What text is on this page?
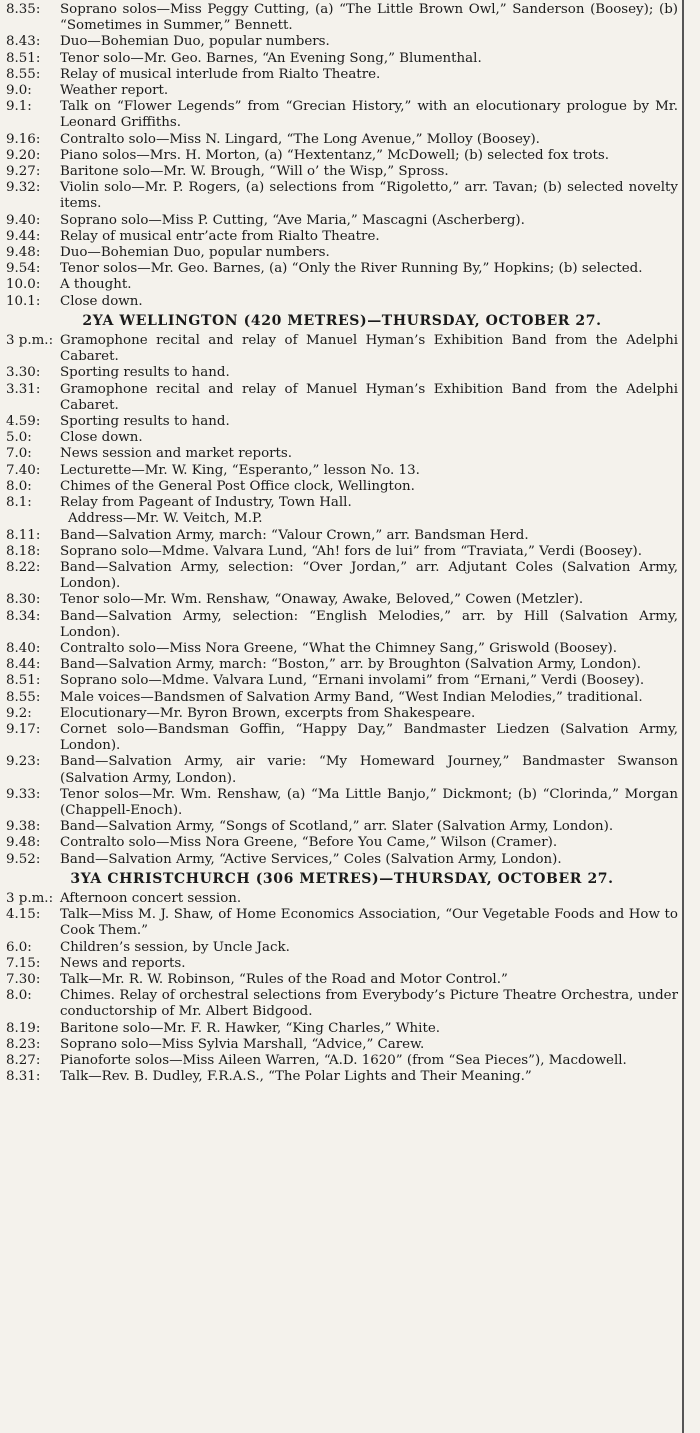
8.35 :	Soprano solos—Miss Peggy Cutting, (a) “The Little Brown Owl,” Sanderson (Boosey); (b) “Sometimes in Summer,” Bennett.
8.43 :	Duo—Bohemian Duo, popular numbers.
8.51 :	Tenor solo—Mr. Geo. Barnes, “An Evening Song,” Blumenthal.
8.55 :	Relay of musical interlude from Rialto Theatre.
9.0 :	Weather report.
9.1 :	Talk on “Flower Legends” from “Grecian History,” with an elocutionary prologue by Mr. Leonard Griffiths.
9.16 :	Contralto solo—Miss N. Lingard, “The Long Avenue,” Molloy (Boosey).
9.20 :	Piano solos—Mrs. H. Morton, (a) “Hextentanz,” McDowell; (b) selected fox trots.
9.27 :	Baritone solo—Mr. W. Brough, “Will o’ the Wisp,” Spross.
9.32 :	Violin solo—Mr. P. Rogers, (a) selections from “Rigoletto,” arr. Tavan; (b) selected novelty items.
9.40 :	Soprano solo—Miss P. Cutting, “Ave Maria,” Mascagni (Ascherberg).
9.44 :	Relay of musical entr’acte from Rialto Theatre.
9.48 :	Duo—Bohemian Duo, popular numbers.
9.54 :	Tenor solos—Mr. Geo. Barnes, (a) “Only the River Running By,” Hopkins; (b) selected.
10.0 :	A thought.
10.1 :	Close down.
2YA WELLINGTON (420 METRES)—THURSDAY, OCTOBER 27.
3 p.m. : Gramophone recital and relay of Manuel Hyman’s Exhibition Band from the Adelphi Cabaret.
3.30 :	Sporting results to hand.
3.31 :	Gramophone recital and relay of Manuel Hyman’s Exhibition Band from the Adelphi Cabaret.
4.59 :	Sporting results to hand.
5.0 :	Close down.
7.0 :	News session and market reports.
7.40 :	Lecturette—Mr. W. King, “Esperanto,” lesson No. 13.
8.0 :	Chimes of the General Post Office clock, Wellington.
8.1 :	Relay from Pageant of Industry, Town Hall.
Address—Mr. W. Veitch, M.P.
8.11 :	Band—Salvation Army, march: “Valour Crown,” arr. Bandsman Herd.
8.18 :	Soprano solo—Mdme. Valvara Lund, “Ah! fors de lui” from “Traviata,” Verdi (Boosey).
8.22 :	Band—Salvation Army, selection: “Over Jordan,” arr. Adjutant Coles (Salvation Army, London).
8.30 :	Tenor solo—Mr. Wm. Renshaw, “Onaway, Awake, Beloved,” Cowen (Metzler).
8.34 :	Band—Salvation Army, selection: “English Melodies,” arr. by Hill (Salvation Army, London).
8.40 :	Contralto solo—Miss Nora Greene, “What the Chimney Sang,” Griswold (Boosey).
8.44 :	Band—Salvation Army, march: “Boston,” arr. by Broughton (Salvation Army, London).
8.51 :	Soprano solo—Mdme. Valvara Lund, “Ernani involami” from “Ernani,” Verdi (Boosey).
8.55 :	Male voices—Bandsmen of Salvation Army Band, “West Indian Melodies,” traditional.
9.2 :	Elocutionary—Mr. Byron Brown, excerpts from Shakespeare.
9.17 :	Cornet solo—Bandsman Goffin, “Happy Day,” Bandmaster Liedzen (Salvation Army, London).
9.23 :	Band—Salvation Army, air varie: “My Homeward Journey,” Bandmaster Swanson (Salvation Army, London).
9.33 :	Tenor solos—Mr. Wm. Renshaw, (a) “Ma Little Banjo,” Dickmont; (b) “Clorinda,” Morgan (Chappell-Enoch).
9.38 :	Band—Salvation Army, “Songs of Scotland,” arr. Slater (Salvation Army, London).
9.48 :	Contralto solo—Miss Nora Greene, “Before You Came,” Wilson (Cramer).
9.52 :	Band—Salvation Army, “Active Services,” Coles (Salvation Army, London).
3YA CHRISTCHURCH (306 METRES)—THURSDAY, OCTOBER 27.
3 p.m. : Afternoon concert session.
4.15 :	Talk—Miss M. J. Shaw, of Home Economics Association, “Our Vegetable Foods and How to Cook Them.”
6.0 :	Children’s session, by Uncle Jack.
7.15 :	News and reports.
7.30 :	Talk—Mr. R. W. Robinson, “Rules of the Road and Motor Control.”
8.0 :	Chimes. Relay of orchestral selections from Everybody’s Picture Theatre Orchestra, under conductorship of Mr. Albert Bidgood.
8.19 :	Baritone solo—Mr. F. R. Hawker, “King Charles,” White.
8.23 :	Soprano solo—Miss Sylvia Marshall, “Advice,” Carew.
8.27 :	Pianoforte solos—Miss Aileen Warren, “A.D. 1620” (from “Sea Pieces”), Macdowell.
8.31 :	Talk—Rev. B. Dudley, F.R.A.S., “The Polar Lights and Their Meaning.”
